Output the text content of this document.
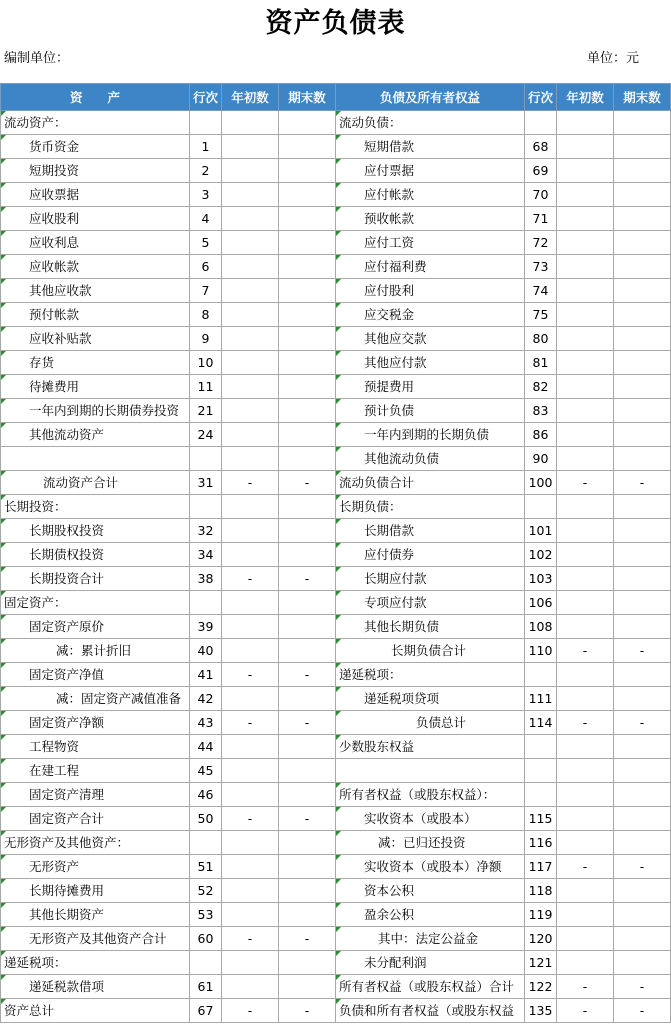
资产负债表
编制单位：	单位：元
资　　产	行次	年初数	期末数	负债及所有者权益	行次	年初数	期末数
流动资产：				流动负债：			
货币资金	1			短期借款	68		
短期投资	2			应付票据	69		
应收票据	3			应付帐款	70		
应收股利	4			预收帐款	71		
应收利息	5			应付工资	72		
应收帐款	6			应付福利费	73		
其他应收款	7			应付股利	74		
预付帐款	8			应交税金	75		
应收补贴款	9			其他应交款	80		
存货	10			其他应付款	81		
待摊费用	11			预提费用	82		
一年内到期的长期债券投资	21			预计负债	83		
其他流动资产	24			一年内到期的长期负债	86		
				其他流动负债	90		
流动资产合计	31	-	-	流动负债合计	100	-	-
长期投资：				长期负债：			
长期股权投资	32			长期借款	101		
长期债权投资	34			应付债券	102		
长期投资合计	38	-	-	长期应付款	103		
固定资产：				专项应付款	106		
固定资产原价	39			其他长期负债	108		
减：累计折旧	40			长期负债合计	110	-	-
固定资产净值	41	-	-	递延税项：			
减：固定资产减值准备	42			递延税项贷项	111		
固定资产净额	43	-	-	负债总计	114	-	-
工程物资	44			少数股东权益			
在建工程	45						
固定资产清理	46			所有者权益（或股东权益）：			
固定资产合计	50	-	-	实收资本（或股本）	115		
无形资产及其他资产：				减：已归还投资	116		
无形资产	51			实收资本（或股本）净额	117	-	-
长期待摊费用	52			资本公积	118		
其他长期资产	53			盈余公积	119		
无形资产及其他资产合计	60	-	-	其中：法定公益金	120		
递延税项：				未分配利润	121		
递延税款借项	61			所有者权益（或股东权益）合计	122	-	-
资产总计	67	-	-	负债和所有者权益（或股东权益	135	-	-
